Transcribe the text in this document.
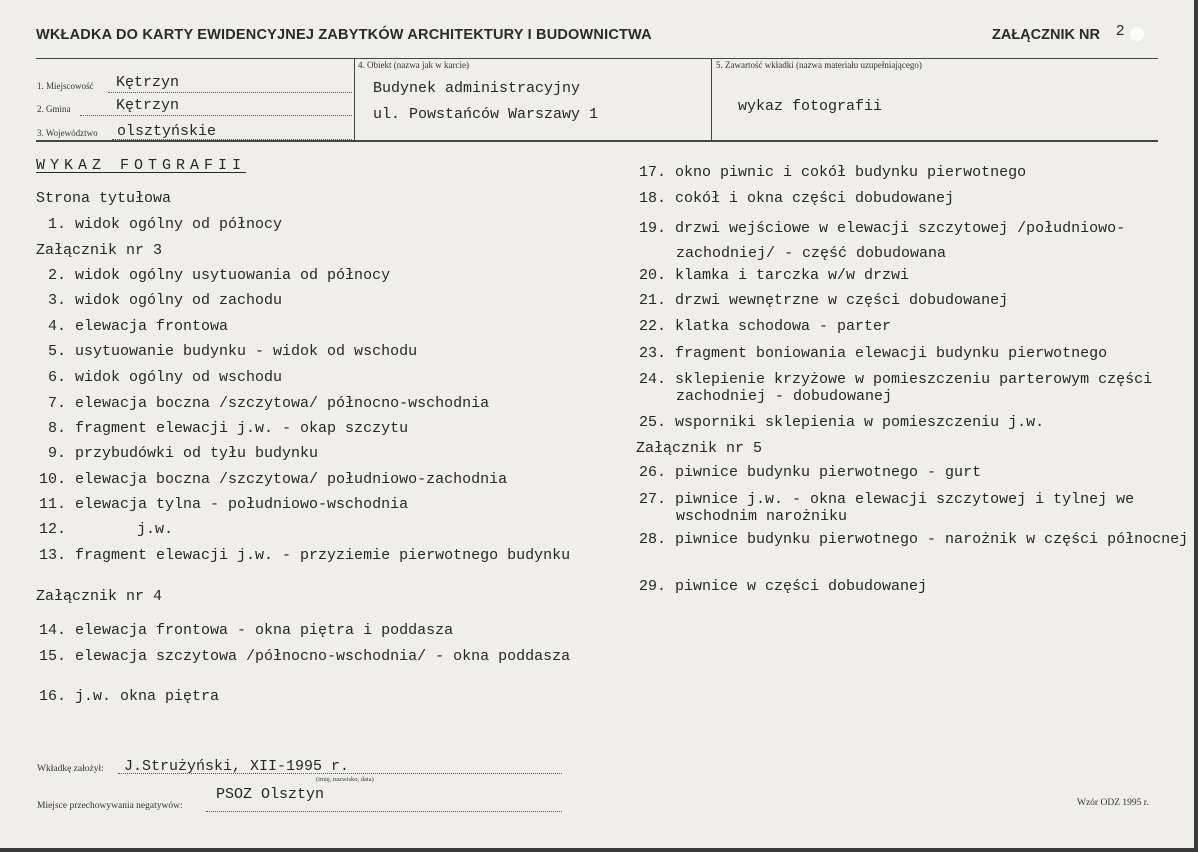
WKŁADKA DO KARTY EWIDENCYJNEJ ZABYTKÓW ARCHITEKTURY I BUDOWNICTWA	ZAŁĄCZNIK NR 2
1. Miejscowość Kętrzyn
2. Gmina	Kętrzyn
3. Województwo olsztyńskie
4. Obiekt (nazwa jak w karcie)
Budynek administracyjny
ul. Powstańców Warszawy 1
5. Zawartość wkładki (nazwa materiału uzupełniającego)
wykaz fotografii
WYKAZ FOTGRAFII
Strona tytułowa
1. widok ogólny od północy
Załącznik nr 3
2. widok ogólny usytuowania od północy
3. widok ogólny od zachodu
4. elewacja frontowa
5. usytuowanie budynku - widok od wschodu
6. widok ogólny od wschodu
7. elewacja boczna /szczytowa/ północno-wschodnia
8. fragment elewacji j.w. - okap szczytu
9. przybudówki od tyłu budynku
10. elewacja boczna /szczytowa/ południowo-zachodnia
11. elewacja tylna - południowo-wschodnia
12.	j.w.
13. fragment elewacji j.w. - przyziemie pierwotnego budynku
Załącznik nr 4
14. elewacja frontowa - okna piętra i poddasza
15. elewacja szczytowa /północno-wschodnia/ - okna poddasza
16. j.w. okna piętra
17. okno piwnic i cokół budynku pierwotnego
18. cokół i okna części dobudowanej
19. drzwi wejściowe w elewacji szczytowej /południowo-zachodniej/ - część dobudowana
20. klamka i tarczka w/w drzwi
21. drzwi wewnętrzne w części dobudowanej
22. klatka schodowa - parter
23. fragment boniowania elewacji budynku pierwotnego
24. sklepienie krzyżowe w pomieszczeniu parterowym części zachodniej - dobudowanej
25. wsporniki sklepienia w pomieszczeniu j.w.
Załącznik nr 5
26. piwnice budynku pierwotnego - gurt
27. piwnice j.w. - okna elewacji szczytowej i tylnej we wschodnim narożniku
28. piwnice budynku pierwotnego - narożnik w części północnej
29. piwnice w części dobudowanej
Wkładkę założył: J.Strużyński, XII-1995 r.
(imię, nazwisko, data)
Miejsce przechowywania negatywów:
PSOZ Olsztyn	Wzór ODZ 1995 r.
